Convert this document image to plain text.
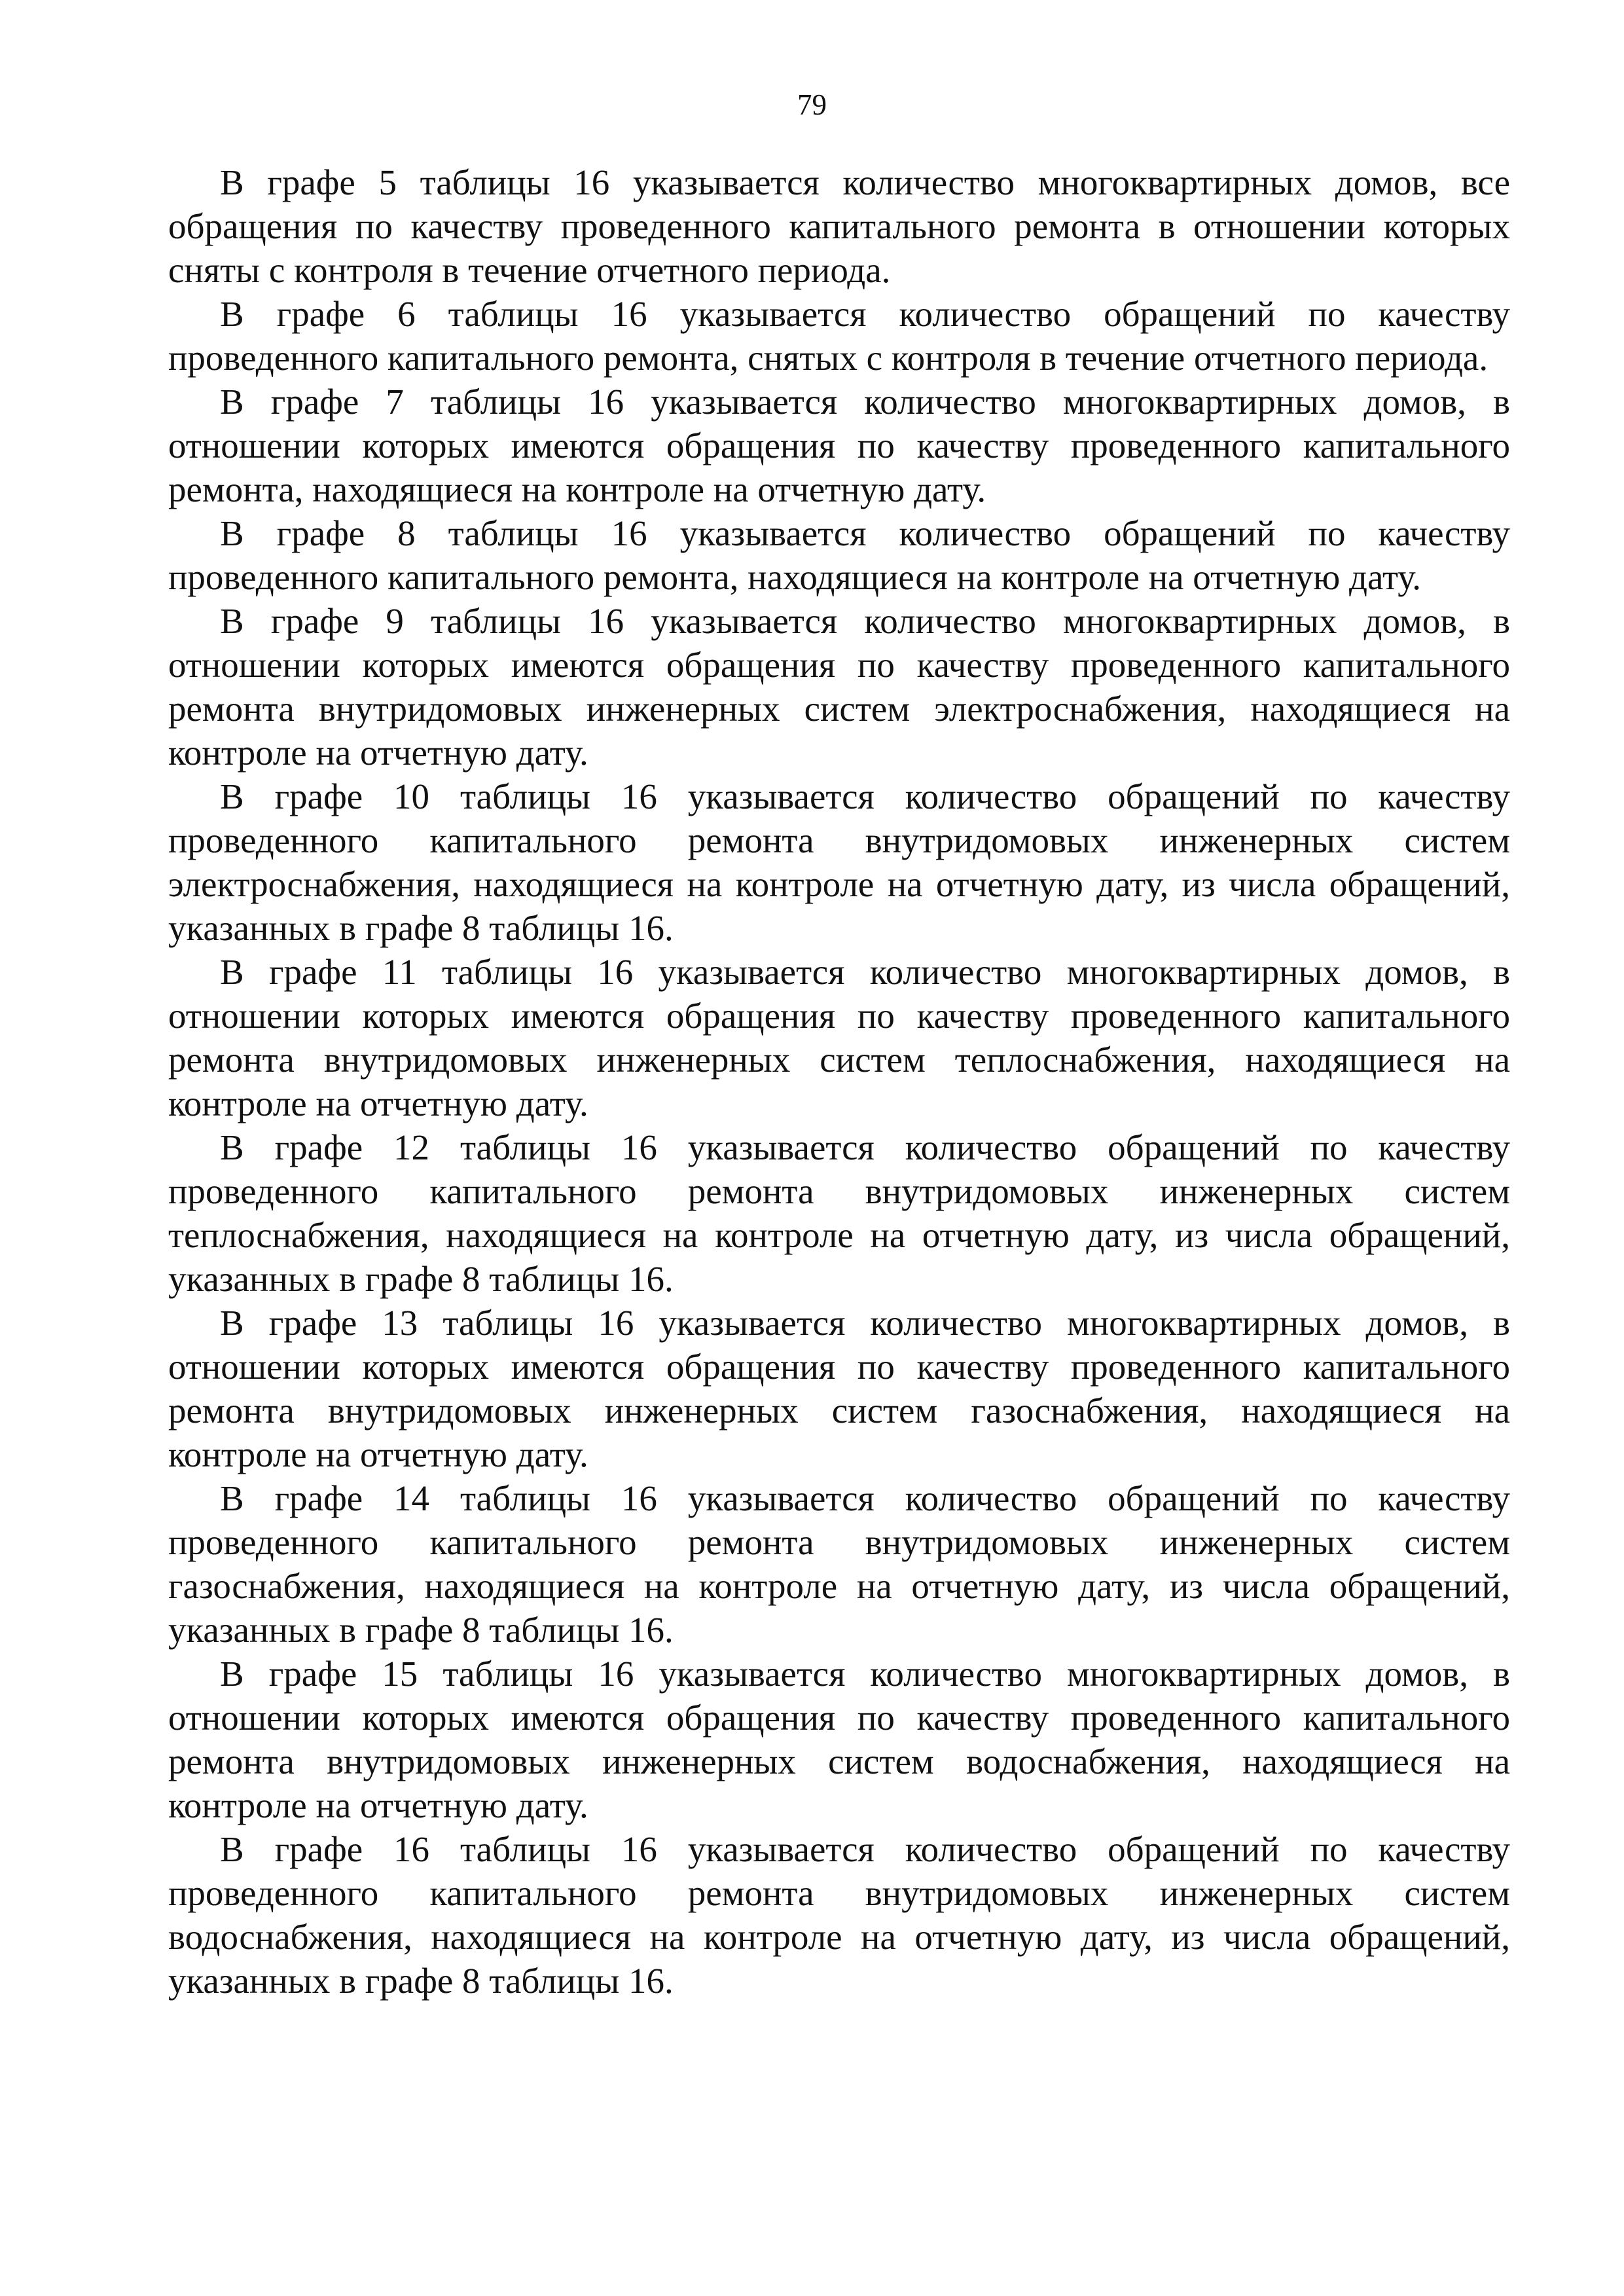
79

В графе 5 таблицы 16 указывается количество многоквартирных домов, все обращения по качеству проведенного капитального ремонта в отношении которых сняты с контроля в течение отчетного периода.

В графе 6 таблицы 16 указывается количество обращений по качеству проведенного капитального ремонта, снятых с контроля в течение отчетного периода.

В графе 7 таблицы 16 указывается количество многоквартирных домов, в отношении которых имеются обращения по качеству проведенного капитального ремонта, находящиеся на контроле на отчетную дату.

В графе 8 таблицы 16 указывается количество обращений по качеству проведенного капитального ремонта, находящиеся на контроле на отчетную дату.

В графе 9 таблицы 16 указывается количество многоквартирных домов, в отношении которых имеются обращения по качеству проведенного капитального ремонта внутридомовых инженерных систем электроснабжения, находящиеся на контроле на отчетную дату.

В графе 10 таблицы 16 указывается количество обращений по качеству проведенного капитального ремонта внутридомовых инженерных систем электроснабжения, находящиеся на контроле на отчетную дату, из числа обращений, указанных в графе 8 таблицы 16.

В графе 11 таблицы 16 указывается количество многоквартирных домов, в отношении которых имеются обращения по качеству проведенного капитального ремонта внутридомовых инженерных систем теплоснабжения, находящиеся на контроле на отчетную дату.

В графе 12 таблицы 16 указывается количество обращений по качеству проведенного капитального ремонта внутридомовых инженерных систем теплоснабжения, находящиеся на контроле на отчетную дату, из числа обращений, указанных в графе 8 таблицы 16.

В графе 13 таблицы 16 указывается количество многоквартирных домов, в отношении которых имеются обращения по качеству проведенного капитального ремонта внутридомовых инженерных систем газоснабжения, находящиеся на контроле на отчетную дату.

В графе 14 таблицы 16 указывается количество обращений по качеству проведенного капитального ремонта внутридомовых инженерных систем газоснабжения, находящиеся на контроле на отчетную дату, из числа обращений, указанных в графе 8 таблицы 16.

В графе 15 таблицы 16 указывается количество многоквартирных домов, в отношении которых имеются обращения по качеству проведенного капитального ремонта внутридомовых инженерных систем водоснабжения, находящиеся на контроле на отчетную дату.

В графе 16 таблицы 16 указывается количество обращений по качеству проведенного капитального ремонта внутридомовых инженерных систем водоснабжения, находящиеся на контроле на отчетную дату, из числа обращений, указанных в графе 8 таблицы 16.
